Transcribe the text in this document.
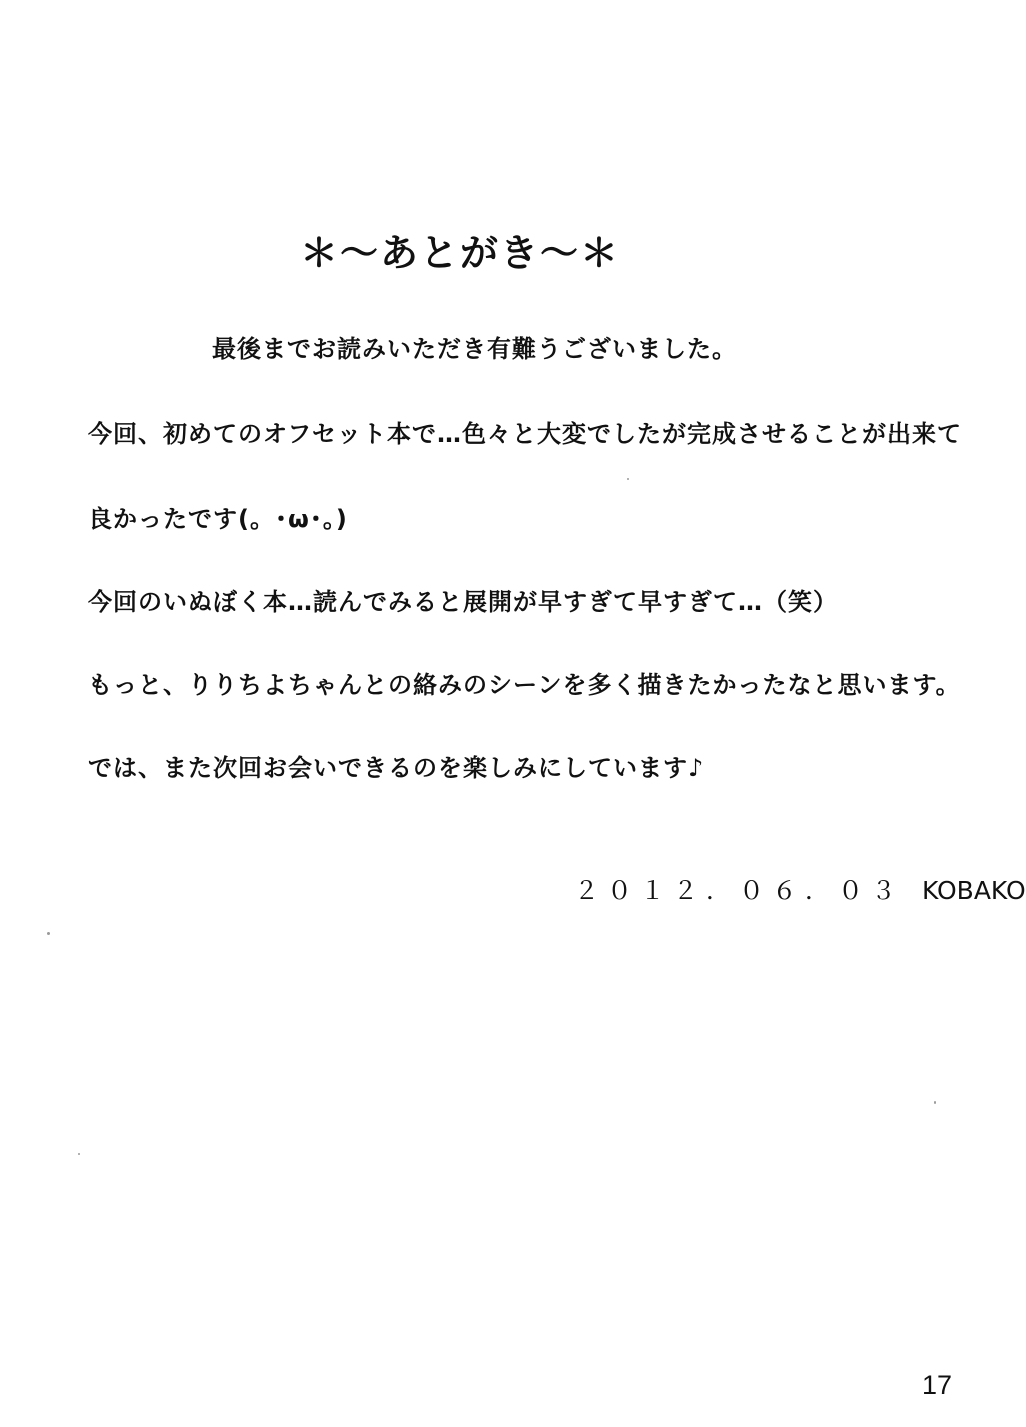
＊～あとがき～＊
最後までお読みいただき有難うございました。
今回、初めてのオフセット本で…色々と大変でしたが完成させることが出来て
良かったです(。･ω･。)
今回のいぬぼく本…読んでみると展開が早すぎて早すぎて…（笑）
もっと、りりちよちゃんとの絡みのシーンを多く描きたかったなと思います。
では、また次回お会いできるのを楽しみにしています♪
２０１２．０６．０３ KOBAKO
17
